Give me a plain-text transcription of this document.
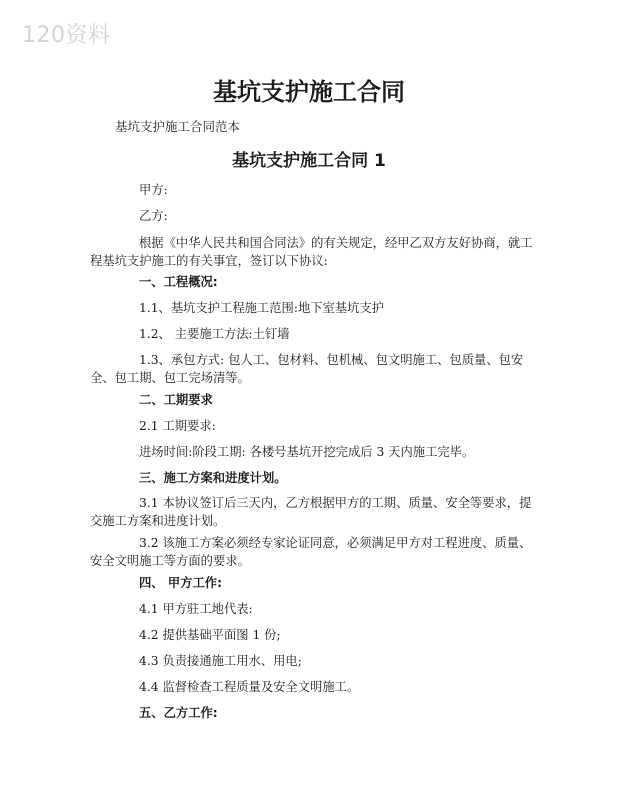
120资料
基坑支护施工合同
基坑支护施工合同范本
基坑支护施工合同 1
甲方:
乙方:
根据《中华人民共和国合同法》的有关规定，经甲乙双方友好协商，就工程基坑支护施工的有关事宜，签订以下协议:
一、工程概况:
1.1、基坑支护工程施工范围:地下室基坑支护
1.2、 主要施工方法:土钉墙
1.3、承包方式: 包人工、包材料、包机械、包文明施工、包质量、包安全、包工期、包工完场清等。
二、工期要求
2.1 工期要求:
进场时间:阶段工期: 各楼号基坑开挖完成后 3 天内施工完毕。
三、施工方案和进度计划。
3.1 本协议签订后三天内，乙方根据甲方的工期、质量、安全等要求，提交施工方案和进度计划。
3.2 该施工方案必须经专家论证同意，必须满足甲方对工程进度、质量、安全文明施工等方面的要求。
四、 甲方工作:
4.1 甲方驻工地代表:
4.2 提供基础平面图 1 份;
4.3 负责接通施工用水、用电;
4.4 监督检查工程质量及安全文明施工。
五、乙方工作:
